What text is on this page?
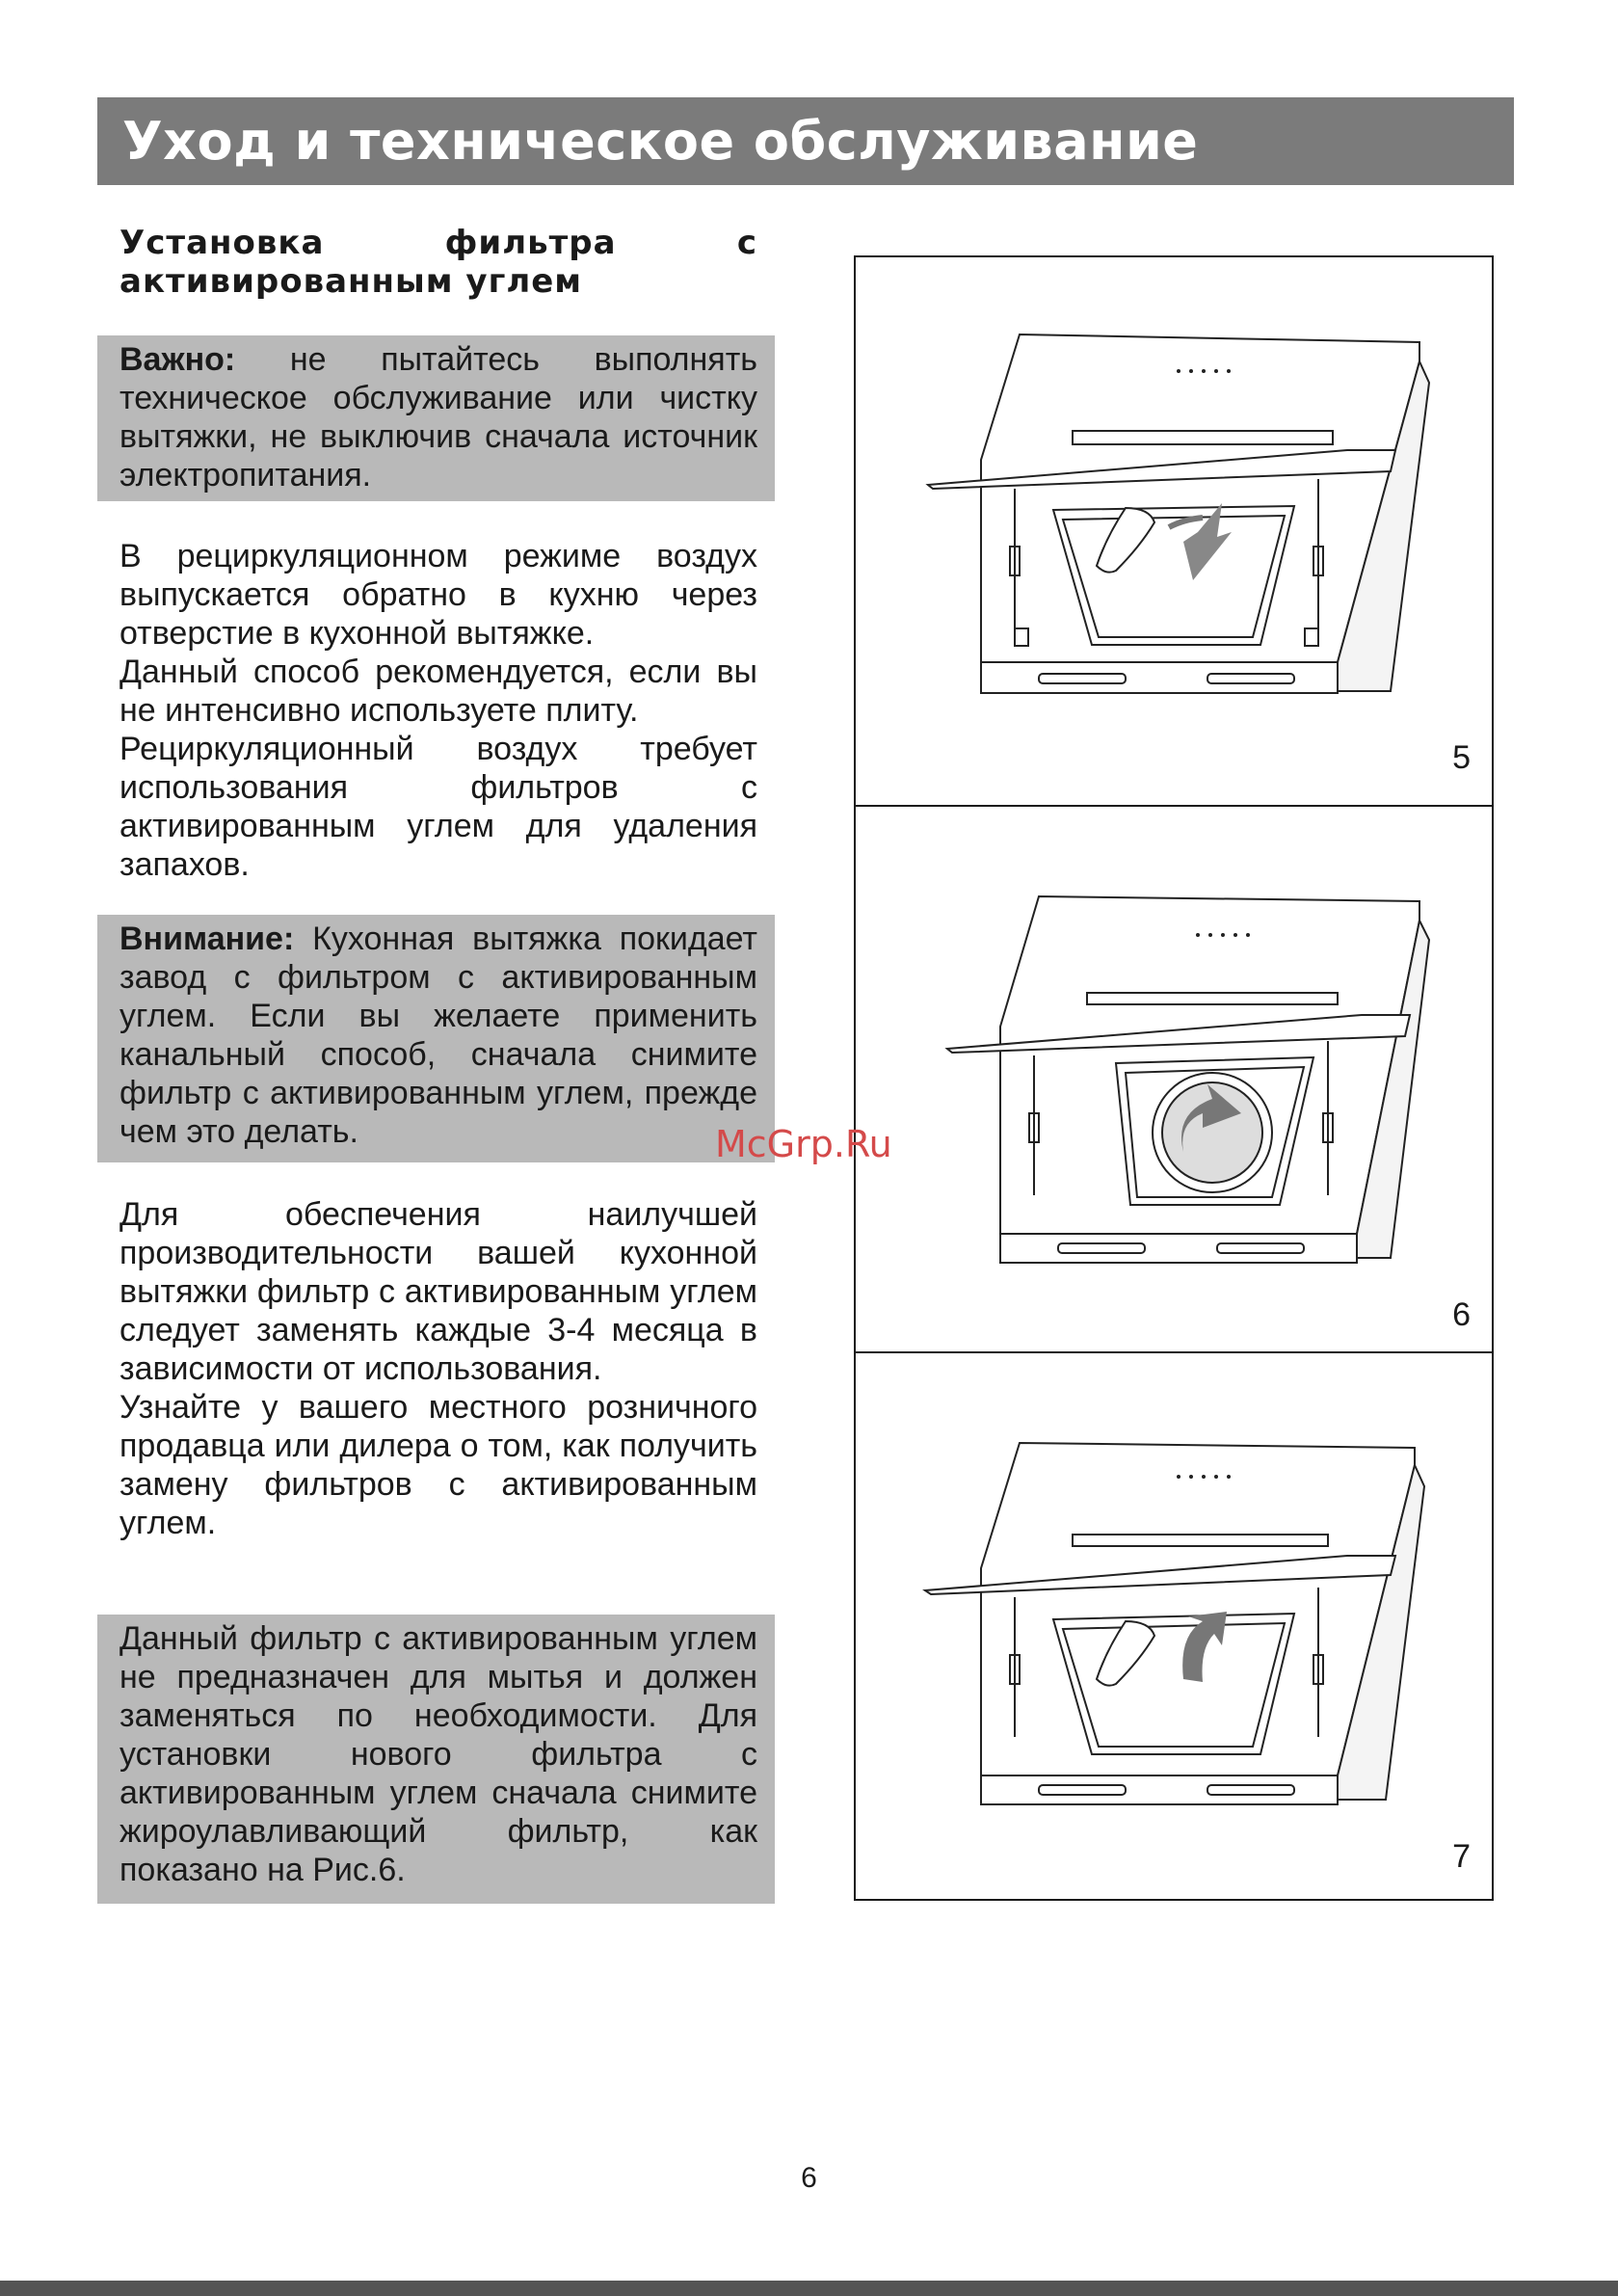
Уход и техническое обслуживание
Установка	фильтра	с
активированным углем

Важно: не пытайтесь выполнять техническое обслуживание или чистку вытяжки, не выключив сначала источник электропитания.

В рециркуляционном режиме воздух выпускается обратно в кухню через отверстие в кухонной вытяжке.

Данный способ рекомендуется, если вы не интенсивно используете плиту.

Рециркуляционный воздух требует использования фильтров с активированным углем для удаления запахов.

Внимание: Кухонная вытяжка покидает завод с фильтром с активированным углем. Если вы желаете применить канальный способ, сначала снимите фильтр с активированным углем, прежде чем это делать.

Для обеспечения наилучшей производительности вашей кухонной вытяжки фильтр с активированным углем следует заменять каждые 3-4 месяца в зависимости от использования.

Узнайте у вашего местного розничного продавца или дилера о том, как получить замену фильтров с активированным углем.

Данный фильтр с активированным углем не предназначен для мытья и должен заменяться по необходимости. Для установки нового фильтра с активированным углем сначала снимите жироулавливающий фильтр, как показано на Рис.6.

5
6
7
McGrp.Ru
6
